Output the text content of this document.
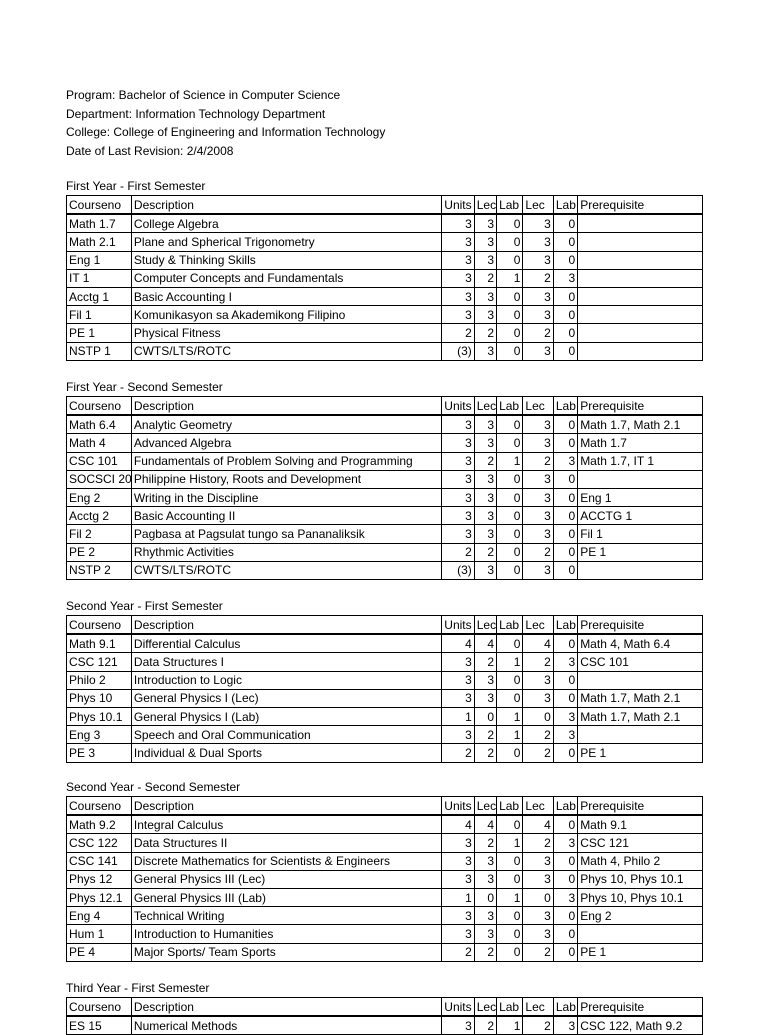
Program: Bachelor of Science in Computer Science
Department: Information Technology Department
College: College of Engineering and Information Technology
Date of Last Revision: 2/4/2008
First Year - First Semester
Courseno	Description	Units	Lec	Lab	Lec	Lab	Prerequisite
Math 1.7	College Algebra	3	3	0	3	0	
Math 2.1	Plane and Spherical Trigonometry	3	3	0	3	0	
Eng 1	Study & Thinking Skills	3	3	0	3	0	
IT 1	Computer Concepts and Fundamentals	3	2	1	2	3	
Acctg 1	Basic Accounting I	3	3	0	3	0	
Fil 1	Komunikasyon sa Akademikong Filipino	3	3	0	3	0	
PE 1	Physical Fitness	2	2	0	2	0	
NSTP 1	CWTS/LTS/ROTC	(3)	3	0	3	0	
First Year - Second Semester
Courseno	Description	Units	Lec	Lab	Lec	Lab	Prerequisite
Math 6.4	Analytic Geometry	3	3	0	3	0	Math 1.7, Math 2.1
Math 4	Advanced Algebra	3	3	0	3	0	Math 1.7
CSC 101	Fundamentals of Problem Solving and Programming	3	2	1	2	3	Math 1.7, IT 1
SOCSCI 20	Philippine History, Roots and Development	3	3	0	3	0	
Eng 2	Writing in the Discipline	3	3	0	3	0	Eng 1
Acctg 2	Basic Accounting II	3	3	0	3	0	ACCTG 1
Fil 2	Pagbasa at Pagsulat tungo sa Pananaliksik	3	3	0	3	0	Fil 1
PE 2	Rhythmic Activities	2	2	0	2	0	PE 1
NSTP 2	CWTS/LTS/ROTC	(3)	3	0	3	0	
Second Year - First Semester
Courseno	Description	Units	Lec	Lab	Lec	Lab	Prerequisite
Math 9.1	Differential Calculus	4	4	0	4	0	Math 4, Math 6.4
CSC 121	Data Structures I	3	2	1	2	3	CSC 101
Philo 2	Introduction to Logic	3	3	0	3	0	
Phys 10	General Physics I (Lec)	3	3	0	3	0	Math 1.7, Math 2.1
Phys 10.1	General Physics I (Lab)	1	0	1	0	3	Math 1.7, Math 2.1
Eng 3	Speech and Oral Communication	3	2	1	2	3	
PE 3	Individual & Dual Sports	2	2	0	2	0	PE 1
Second Year - Second Semester
Courseno	Description	Units	Lec	Lab	Lec	Lab	Prerequisite
Math 9.2	Integral Calculus	4	4	0	4	0	Math 9.1
CSC 122	Data Structures II	3	2	1	2	3	CSC 121
CSC 141	Discrete Mathematics for Scientists & Engineers	3	3	0	3	0	Math 4, Philo 2
Phys 12	General Physics III (Lec)	3	3	0	3	0	Phys 10, Phys 10.1
Phys 12.1	General Physics III (Lab)	1	0	1	0	3	Phys 10, Phys 10.1
Eng 4	Technical Writing	3	3	0	3	0	Eng 2
Hum 1	Introduction to Humanities	3	3	0	3	0	
PE 4	Major Sports/ Team Sports	2	2	0	2	0	PE 1
Third Year - First Semester
Courseno	Description	Units	Lec	Lab	Lec	Lab	Prerequisite
ES 15	Numerical Methods	3	2	1	2	3	CSC 122, Math 9.2
